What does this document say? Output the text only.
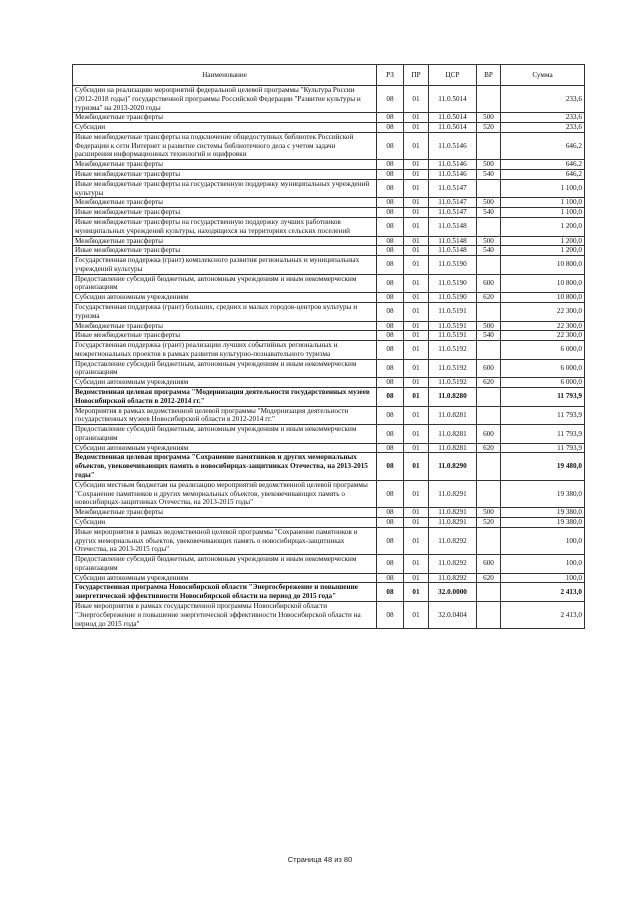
Наименование	РЗ	ПР	ЦСР	ВР	Сумма
Субсидии на реализацию мероприятий федеральной целевой программы "Культура России (2012-2018 годы)" государственной программы Российской Федерации "Развитие культуры и туризма" на 2013-2020 годы	08	01	11.0.5014		233,6
Межбюджетные трансферты	08	01	11.0.5014	500	233,6
Субсидии	08	01	11.0.5014	520	233,6
Иные межбюджетные трансферты на подключение общедоступных библиотек Российской Федерации к сети Интернет и развитие системы библиотечного дела с учетом задачи расширения информационных технологий и оцифровки	08	01	11.0.5146		646,2
Межбюджетные трансферты	08	01	11.0.5146	500	646,2
Иные межбюджетные трансферты	08	01	11.0.5146	540	646,2
Иные межбюджетные трансферты на государственную поддержку муниципальных учреждений культуры	08	01	11.0.5147		1 100,0
Межбюджетные трансферты	08	01	11.0.5147	500	1 100,0
Иные межбюджетные трансферты	08	01	11.0.5147	540	1 100,0
Иные межбюджетные трансферты на государственную поддержку лучших работников муниципальных учреждений культуры, находящихся на территориях сельских поселений	08	01	11.0.5148		1 200,0
Межбюджетные трансферты	08	01	11.0.5148	500	1 200,0
Иные межбюджетные трансферты	08	01	11.0.5148	540	1 200,0
Государственная поддержка (грант) комплексного развития региональных и муниципальных учреждений культуры	08	01	11.0.5190		10 800,0
Предоставление субсидий бюджетным, автономным учреждениям и иным некоммерческим организациям	08	01	11.0.5190	600	10 800,0
Субсидии автономным учреждениям	08	01	11.0.5190	620	10 800,0
Государственная поддержка (грант) больших, средних и малых городов-центров культуры и туризма	08	01	11.0.5191		22 300,0
Межбюджетные трансферты	08	01	11.0.5191	500	22 300,0
Иные межбюджетные трансферты	08	01	11.0.5191	540	22 300,0
Государственная поддержка (грант) реализации лучших событийных региональных и межрегиональных проектов в рамках развития культурно-познавательного туризма	08	01	11.0.5192		6 000,0
Предоставление субсидий бюджетным, автономным учреждениям и иным некоммерческим организациям	08	01	11.0.5192	600	6 000,0
Субсидии автономным учреждениям	08	01	11.0.5192	620	6 000,0
Ведомственная целевая программа "Модернизация деятельности государственных музеев Новосибирской области в 2012-2014 гг."	08	01	11.0.8280		11 793,9
Мероприятия в рамках ведомственной целевой программы "Модернизация деятельности государственных музеев Новосибирской области в 2012-2014 гг."	08	01	11.0.8281		11 793,9
Предоставление субсидий бюджетным, автономным учреждениям и иным некоммерческим организациям	08	01	11.0.8281	600	11 793,9
Субсидии автономным учреждениям	08	01	11.0.8281	620	11 793,9
Ведомственная целевая программа "Сохранение памятников и других мемориальных объектов, увековечивающих память о новосибирцах-защитниках Отечества, на 2013-2015 годы"	08	01	11.0.8290		19 480,0
Субсидии местным бюджетам на реализацию мероприятий ведомственной целевой программы "Сохранение памятников и других мемориальных объектов, увековечивающих память о новосибирцах-защитниках Отечества, на 2013-2015 годы"	08	01	11.0.8291		19 380,0
Межбюджетные трансферты	08	01	11.0.8291	500	19 380,0
Субсидии	08	01	11.0.8291	520	19 380,0
Иные мероприятия в рамках ведомственной целевой программы "Сохранение памятников и других мемориальных объектов, увековечивающих память о новосибирцах-защитниках Отечества, на 2013-2015 годы"	08	01	11.0.8292		100,0
Предоставление субсидий бюджетным, автономным учреждениям и иным некоммерческим организациям	08	01	11.0.8292	600	100,0
Субсидии автономным учреждениям	08	01	11.0.8292	620	100,0
Государственная программа Новосибирской области "Энергосбережение и повышение энергетической эффективности Новосибирской области на период до 2015 года"	08	01	32.0.0000		2 413,0
Иные мероприятия в рамках государственной программы Новосибирской области "Энергосбережение и повышение энергетической эффективности Новосибирской области на период до 2015 года"	08	01	32.0.0404		2 413,0
Страница 48 из 80
